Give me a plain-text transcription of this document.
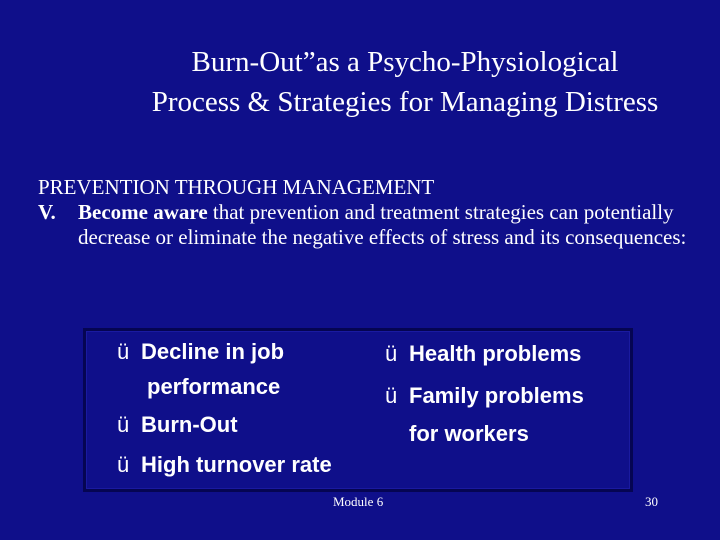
Burn-Out”as a Psycho-Physiological
Process & Strategies for Managing Distress
PREVENTION THROUGH MANAGEMENT
V. Become aware that prevention and treatment strategies can potentially decrease or eliminate the negative effects of stress and its consequences:
ü Decline in job
performance
ü Burn-Out
ü High turnover rate
ü Health problems
ü Family problems
for workers
Module 6	30
